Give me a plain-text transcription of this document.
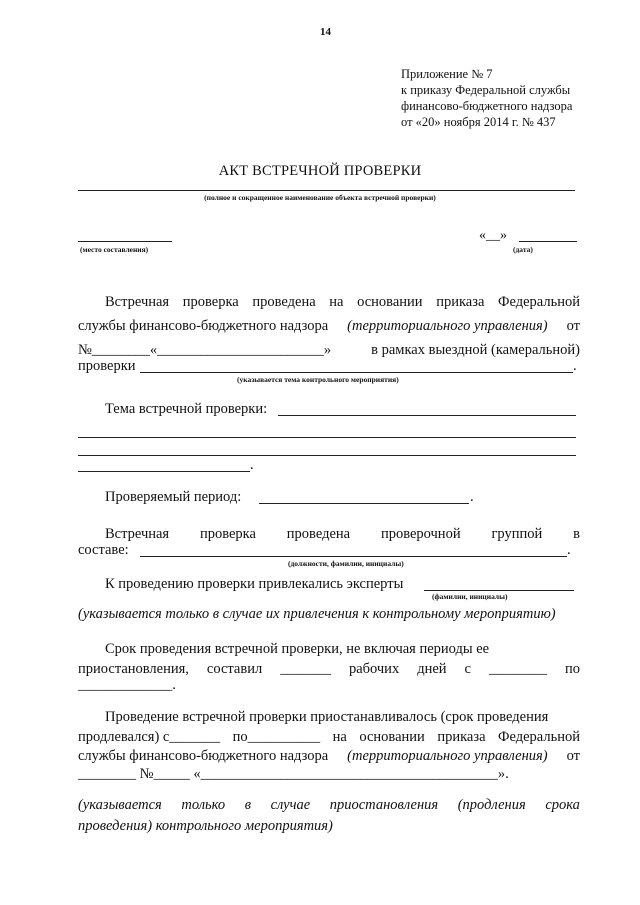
14
Приложение № 7
к приказу Федеральной службы
финансово-бюджетного надзора
от «20» ноября 2014 г. № 437
АКТ ВСТРЕЧНОЙ ПРОВЕРКИ
(полное и сокращенное наименование объекта встречной проверки)
(место составления)
«__»
(дата)
Встречная проверка проведена на основании приказа Федеральной
службы финансово-бюджетного надзора (территориального управления) от
№________«_______________________»	в рамках выездной (камеральной)
проверки	.
(указывается тема контрольного мероприятия)
Тема встречной проверки:
.
Проверяемый период:	.
Встречная проверка проведена проверочной группой в
составе:	.
(должности, фамилии, инициалы)
К проведению проверки привлекались эксперты
(фамилии, инициалы)
(указывается только в случае их привлечения к контрольному мероприятию)
Срок проведения встречной проверки, не включая периоды ее
приостановления, составил _______ рабочих дней с ________ по
_____________.
Проведение встречной проверки приостанавливалось (срок проведения
продлевался) с_______ по__________ на основании приказа Федеральной
службы финансово-бюджетного надзора (территориального управления) от
________ №_____ «_________________________________________».
(указывается только в случае приостановления (продления срока
проведения) контрольного мероприятия)
